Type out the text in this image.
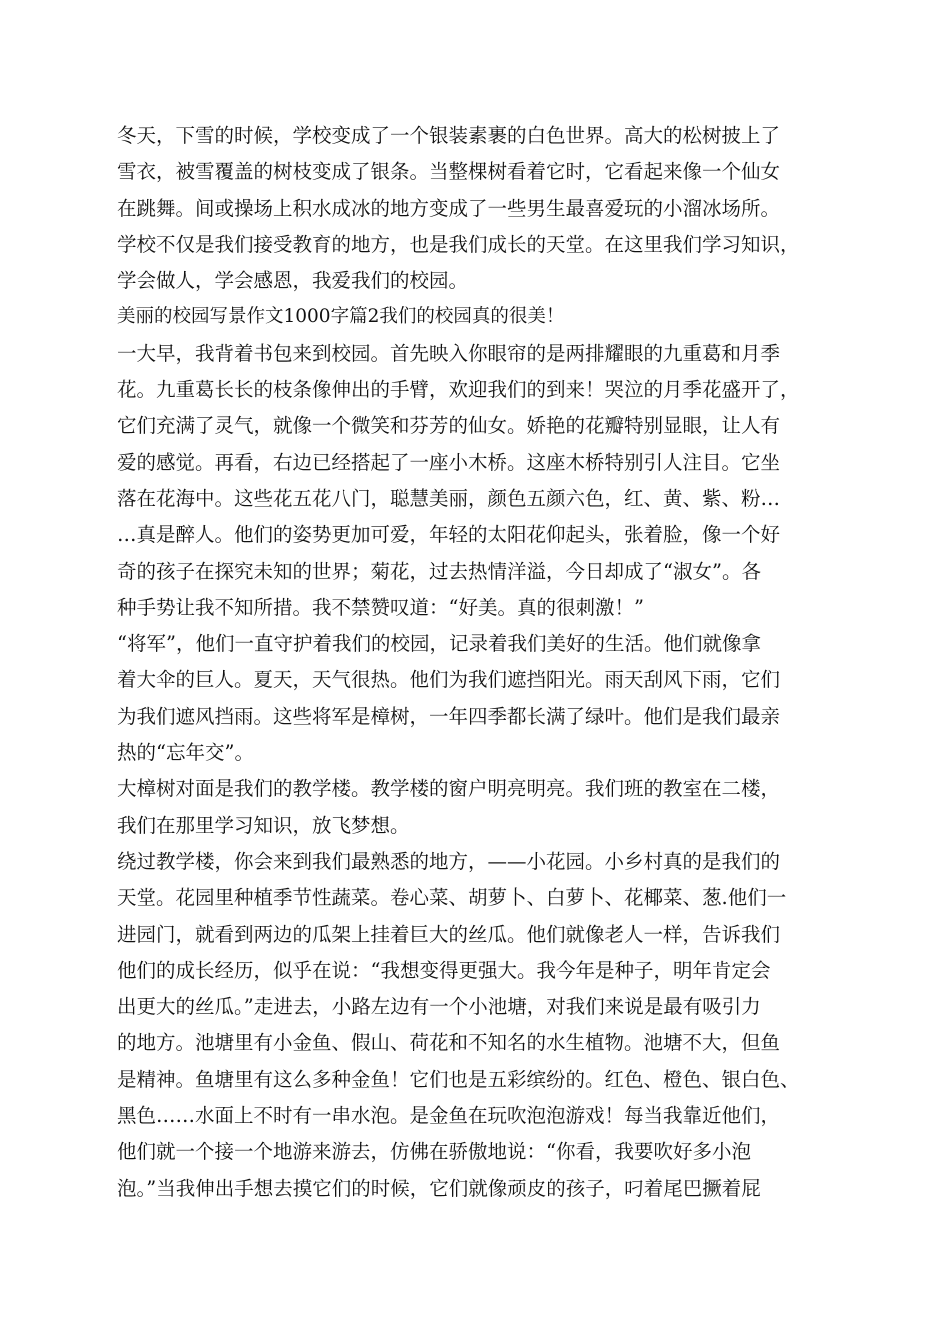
冬天，下雪的时候，学校变成了一个银装素裹的白色世界。高大的松树披上了
雪衣，被雪覆盖的树枝变成了银条。当整棵树看着它时，它看起来像一个仙女
在跳舞。间或操场上积水成冰的地方变成了一些男生最喜爱玩的小溜冰场所。
学校不仅是我们接受教育的地方，也是我们成长的天堂。在这里我们学习知识，
学会做人，学会感恩，我爱我们的校园。
美丽的校园写景作文1000字篇2我们的校园真的很美！
一大早，我背着书包来到校园。首先映入你眼帘的是两排耀眼的九重葛和月季
花。九重葛长长的枝条像伸出的手臂，欢迎我们的到来！哭泣的月季花盛开了，
它们充满了灵气，就像一个微笑和芬芳的仙女。娇艳的花瓣特别显眼，让人有
爱的感觉。再看，右边已经搭起了一座小木桥。这座木桥特别引人注目。它坐
落在花海中。这些花五花八门，聪慧美丽，颜色五颜六色，红、黄、紫、粉…
…真是醉人。他们的姿势更加可爱，年轻的太阳花仰起头，张着脸，像一个好
奇的孩子在探究未知的世界；菊花，过去热情洋溢，今日却成了“淑女”。各
种手势让我不知所措。我不禁赞叹道：“好美。真的很刺激！”
“将军”，他们一直守护着我们的校园，记录着我们美好的生活。他们就像拿
着大伞的巨人。夏天，天气很热。他们为我们遮挡阳光。雨天刮风下雨，它们
为我们遮风挡雨。这些将军是樟树，一年四季都长满了绿叶。他们是我们最亲
热的“忘年交”。
大樟树对面是我们的教学楼。教学楼的窗户明亮明亮。我们班的教室在二楼，
我们在那里学习知识，放飞梦想。
绕过教学楼，你会来到我们最熟悉的地方，——小花园。小乡村真的是我们的
天堂。花园里种植季节性蔬菜。卷心菜、胡萝卜、白萝卜、花椰菜、葱.他们一
进园门，就看到两边的瓜架上挂着巨大的丝瓜。他们就像老人一样，告诉我们
他们的成长经历，似乎在说：“我想变得更强大。我今年是种子，明年肯定会
出更大的丝瓜。”走进去，小路左边有一个小池塘，对我们来说是最有吸引力
的地方。池塘里有小金鱼、假山、荷花和不知名的水生植物。池塘不大，但鱼
是精神。鱼塘里有这么多种金鱼！它们也是五彩缤纷的。红色、橙色、银白色、
黑色……水面上不时有一串水泡。是金鱼在玩吹泡泡游戏！每当我靠近他们，
他们就一个接一个地游来游去，仿佛在骄傲地说：“你看，我要吹好多小泡
泡。”当我伸出手想去摸它们的时候，它们就像顽皮的孩子，叼着尾巴撅着屁
